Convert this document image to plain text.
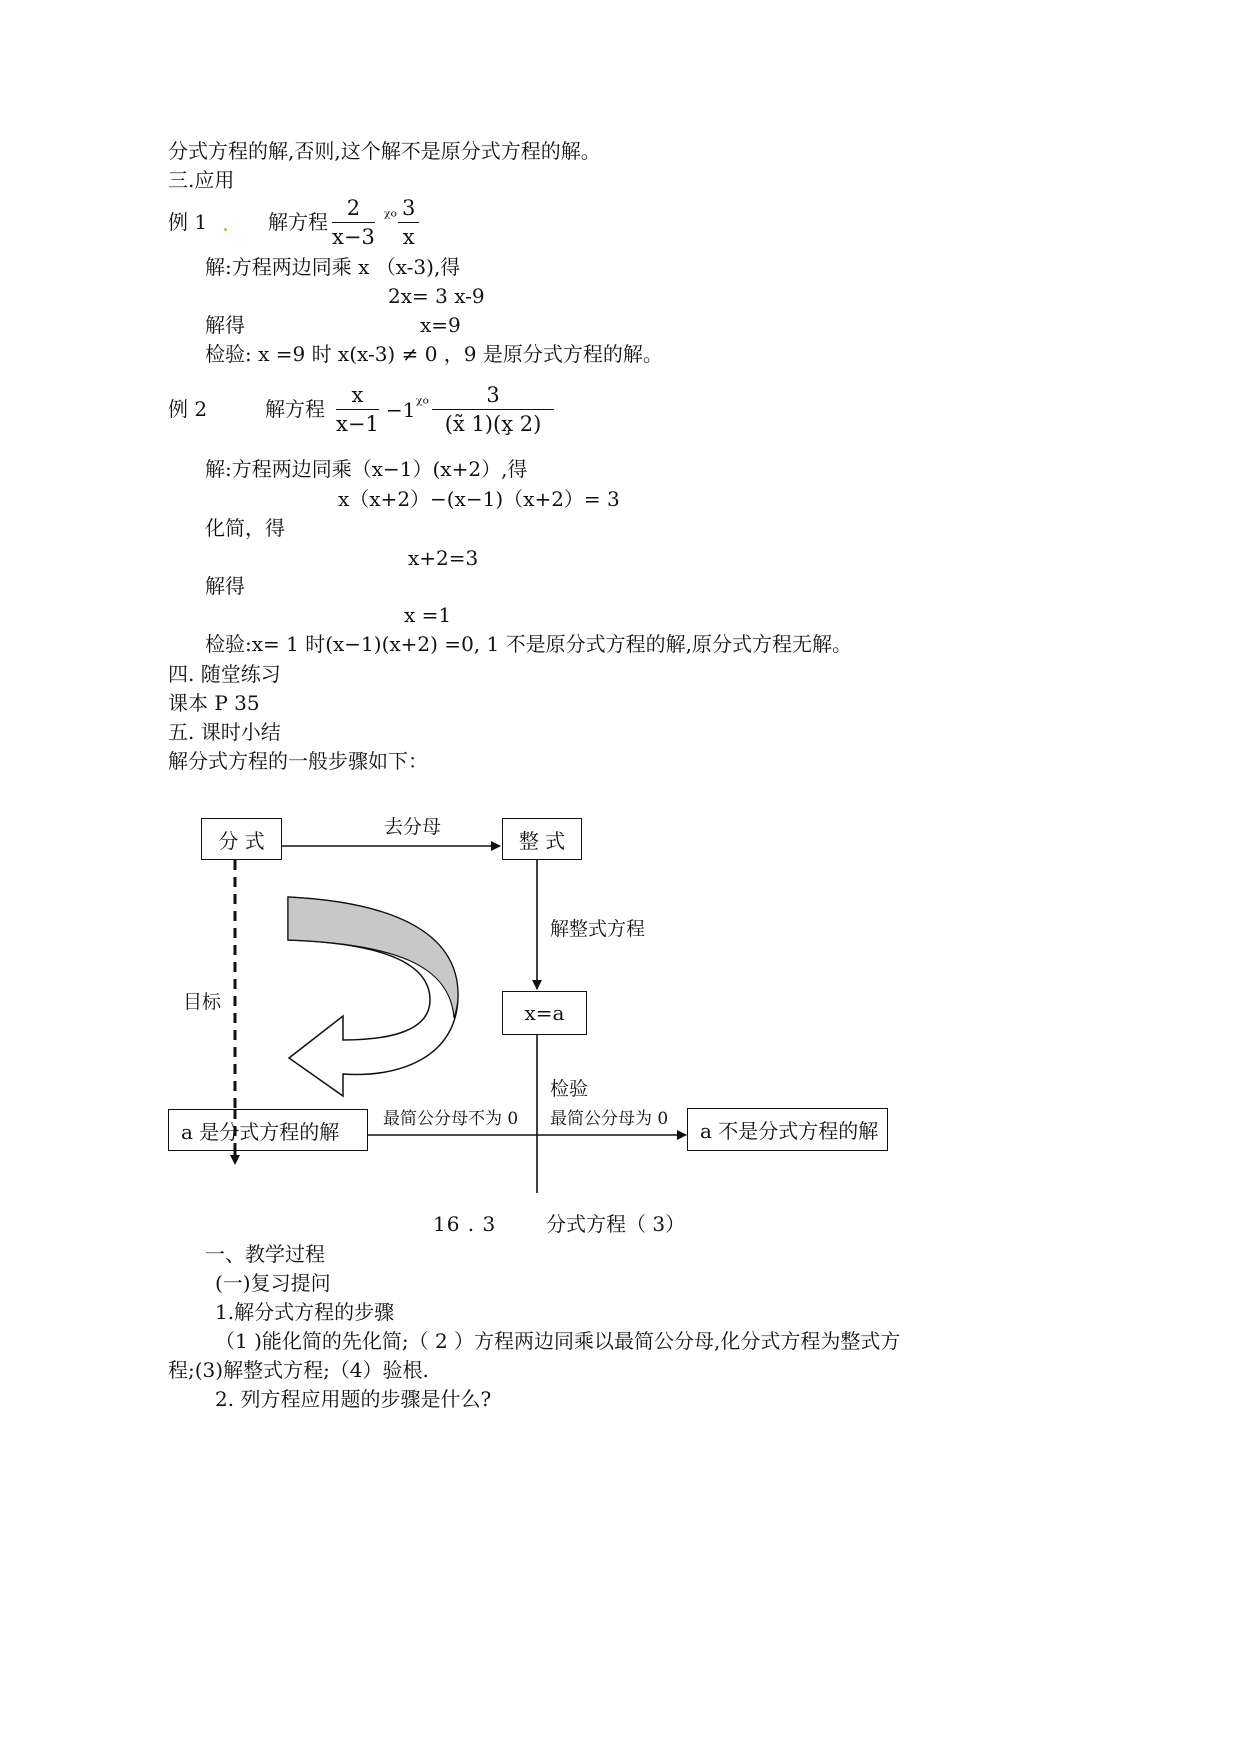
分式方程的解,否则,这个解不是原分式方程的解。
三.应用
例 1	解方程 $\frac{2}{x-3}$ ᵡᵒ $\frac{3}{x}$
解:方程两边同乘 x （x-3),得
2x= 3 x-9
解得	x=9
检验: x =9 时 x(x-3) ≠ 0 ，9 是原分式方程的解。
例 2	解方程 $\frac{x}{x-1} -1$ ᵡᵒ $\frac{3}{(x̃ 1)(x̧ 2)}$
解:方程两边同乘（x−1）(x+2）,得
x（x+2）−(x−1)（x+2）= 3
化简，得
x+2=3
解得
x =1
检验:x= 1 时(x−1)(x+2) =0, 1 不是原分式方程的解,原分式方程无解。
四. 随堂练习
课本 P 35
五. 课时小结
解分式方程的一般步骤如下：
分 式	整 式
x=a
a 是分式方程的解	a 不是分式方程的解
去分母
解整式方程
目标
检验
最简公分母不为 0 最简公分母为 0
16 . 3 分式方程（ 3）
一、教学过程
(一)复习提问
1.解分式方程的步骤
（1 )能化简的先化简;（ 2 ）方程两边同乘以最简公分母,化分式方程为整式方
程;(3)解整式方程;（4）验根.
2. 列方程应用题的步骤是什么?
